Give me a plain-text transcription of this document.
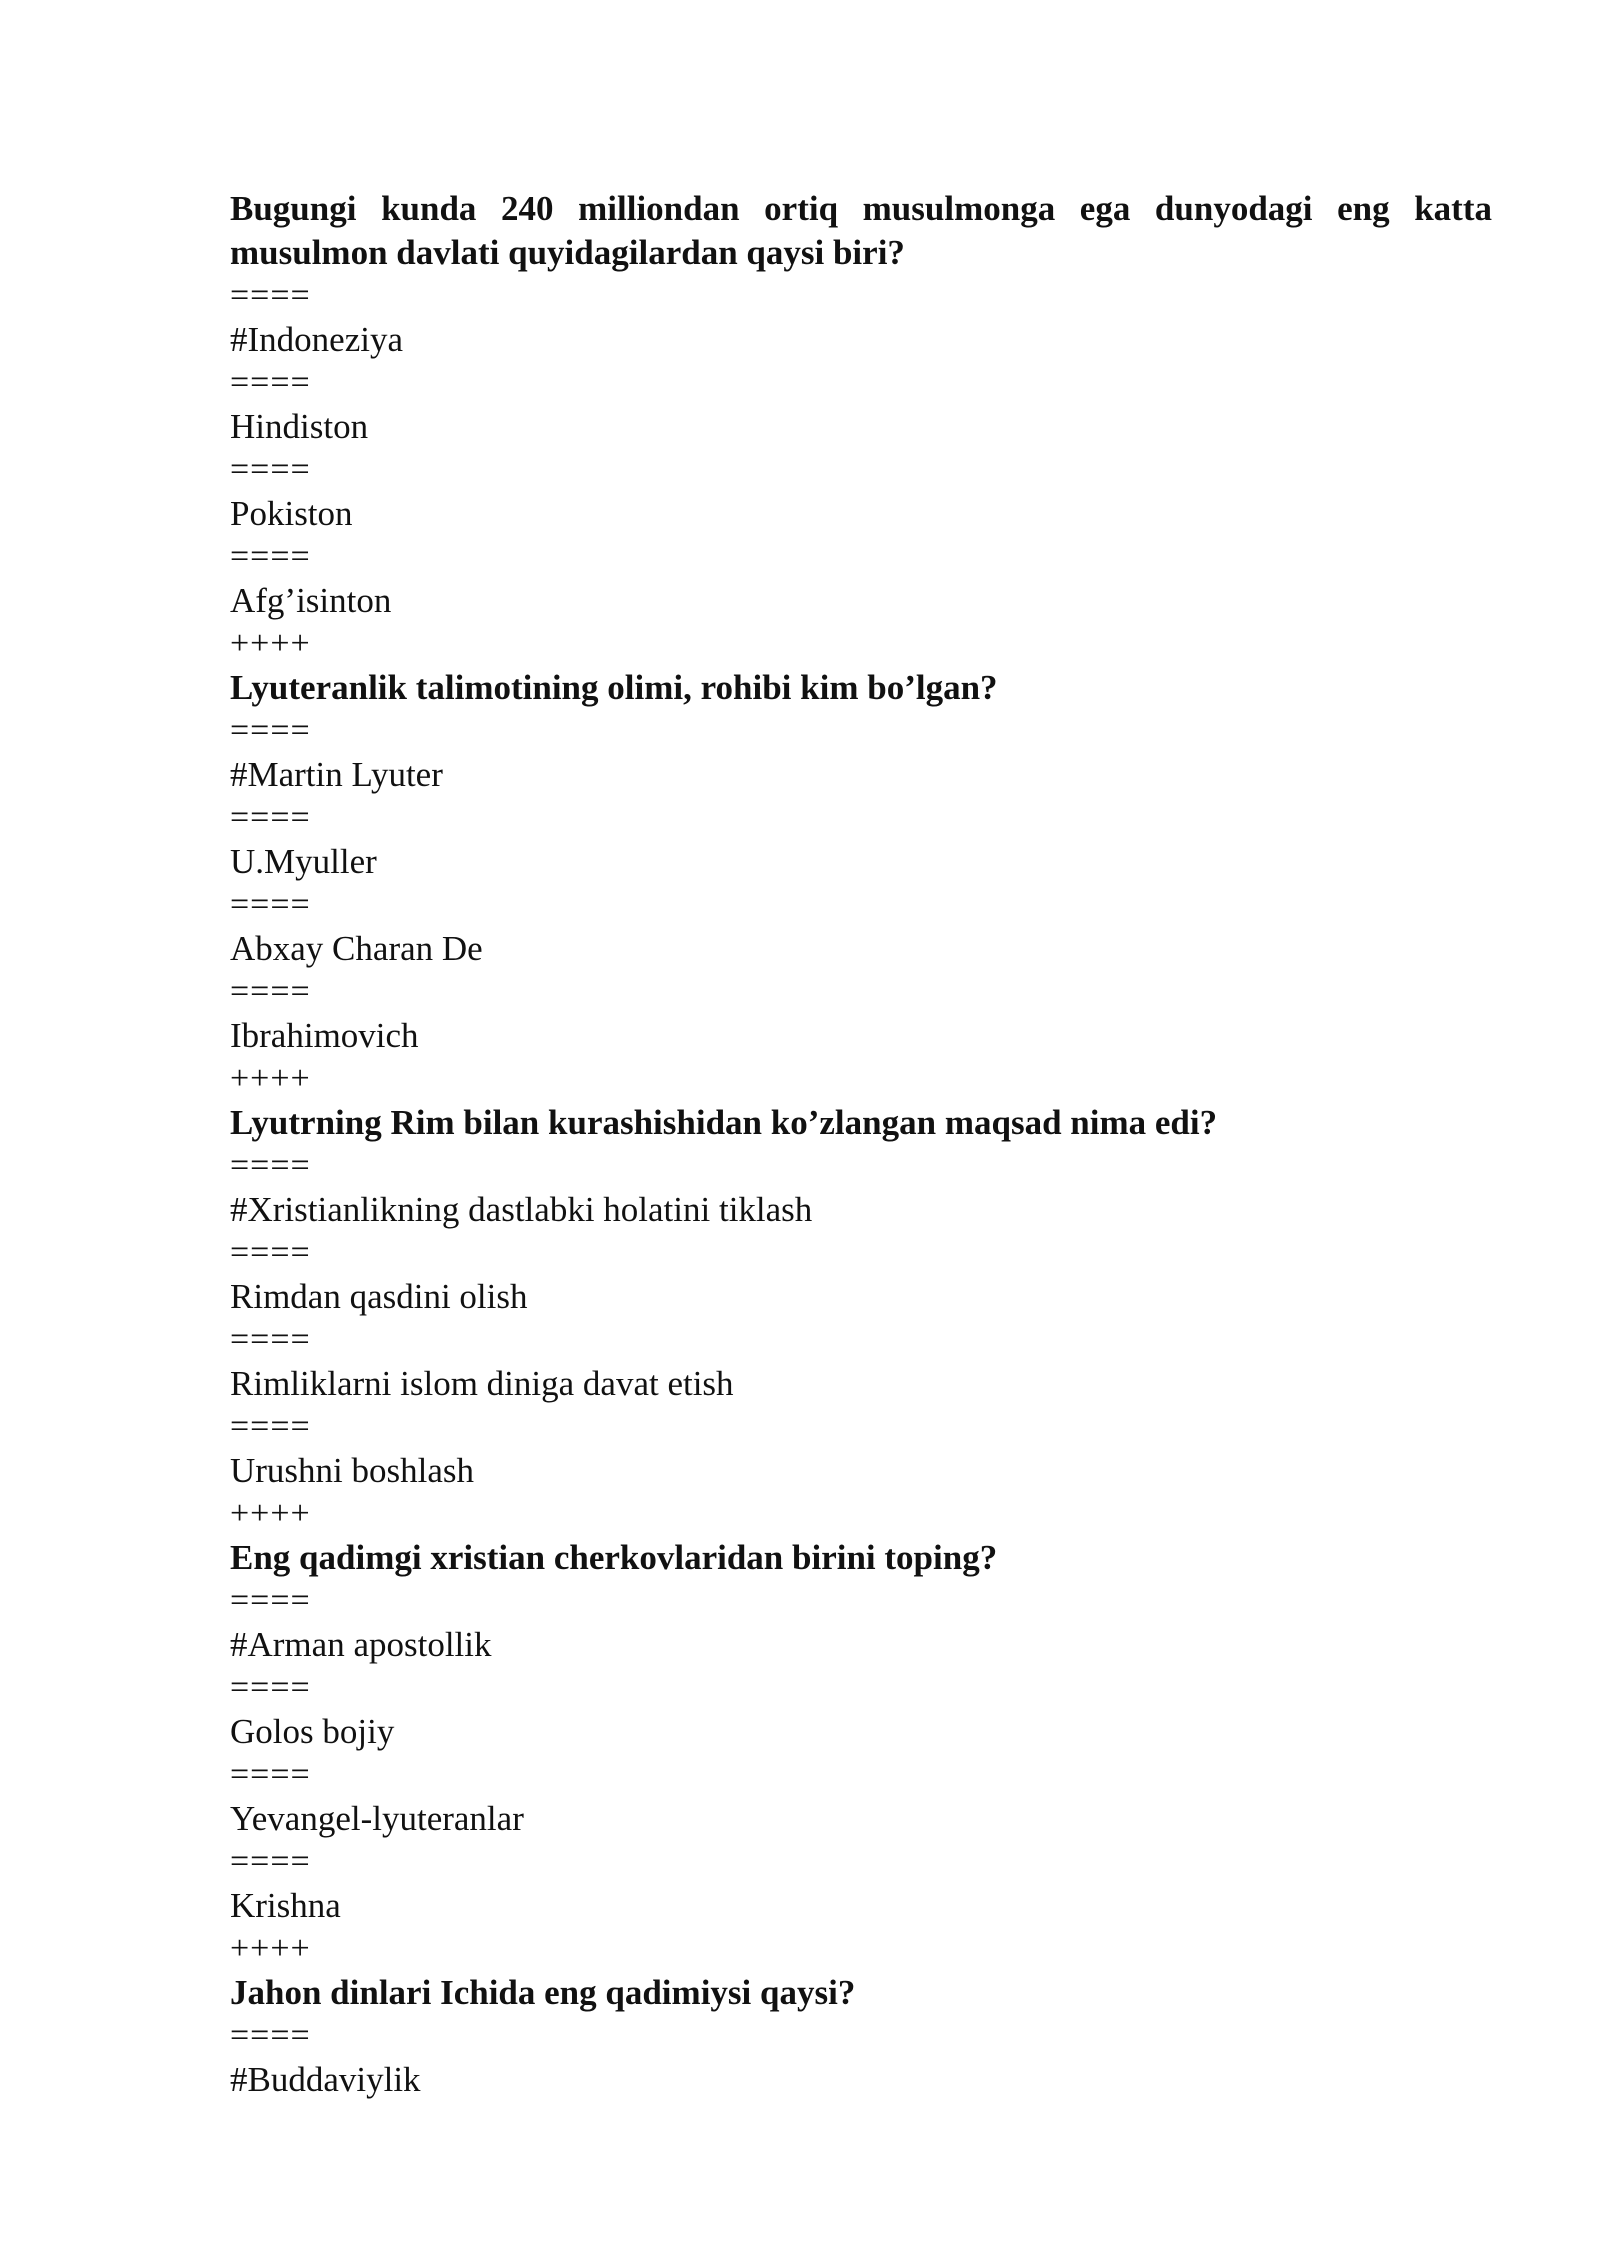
Bugungi kunda 240 milliondan ortiq musulmonga ega dunyodagi eng katta musulmon davlati quyidagilardan qaysi biri?
====
#Indoneziya
====
Hindiston
====
Pokiston
====
Afg’isinton
++++
Lyuteranlik talimotining olimi, rohibi kim bo’lgan?
====
#Martin Lyuter
====
U.Myuller
====
Abxay Charan De
====
Ibrahimovich
++++
Lyutrning Rim bilan kurashishidan ko’zlangan maqsad nima edi?
====
#Xristianlikning dastlabki holatini tiklash
====
Rimdan qasdini olish
====
Rimliklarni islom diniga davat etish
====
Urushni boshlash
++++
Eng qadimgi xristian cherkovlaridan birini toping?
====
#Arman apostollik
====
Golos bojiy
====
Yevangel-lyuteranlar
====
Krishna
++++
Jahon dinlari Ichida eng qadimiysi qaysi?
====
#Buddaviylik
